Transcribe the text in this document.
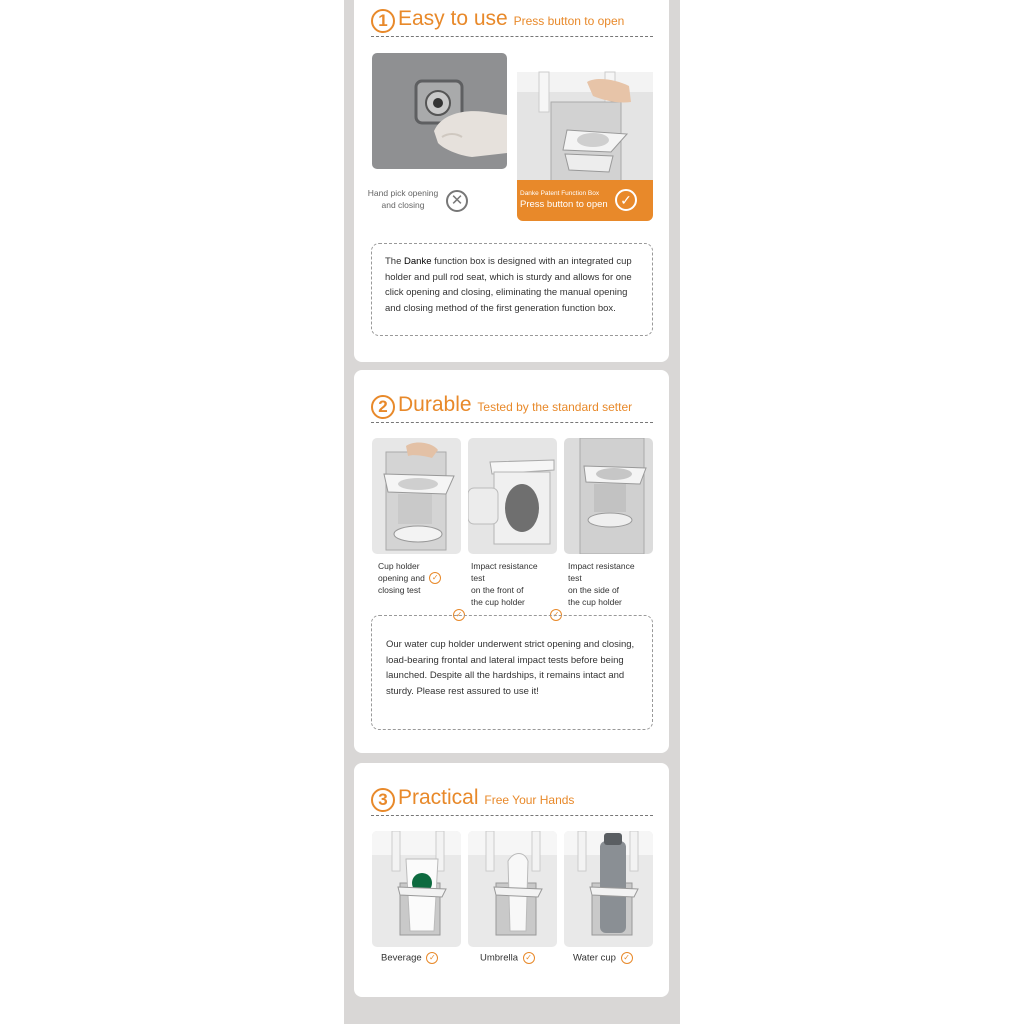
1 Easy to use Press button to open
Hand pick opening
and closing	✕	Danke Patent Function Box
Press button to open ✓
The Danke function box is designed with an integrated cup holder and pull rod seat, which is sturdy and allows for one click opening and closing, eliminating the manual opening and closing method of the first generation function box.
2 Durable Tested by the standard setter
Cup holder
opening and
closing test ✓
Impact resistance test
on the front of
the cup holder ✓
Impact resistance test
on the side of
the cup holder ✓
Our water cup holder underwent strict opening and closing, load-bearing frontal and lateral impact tests before being launched. Despite all the hardships, it remains intact and sturdy. Please rest assured to use it!
3 Practical Free Your Hands
Beverage ✓	Umbrella ✓	Water cup ✓
